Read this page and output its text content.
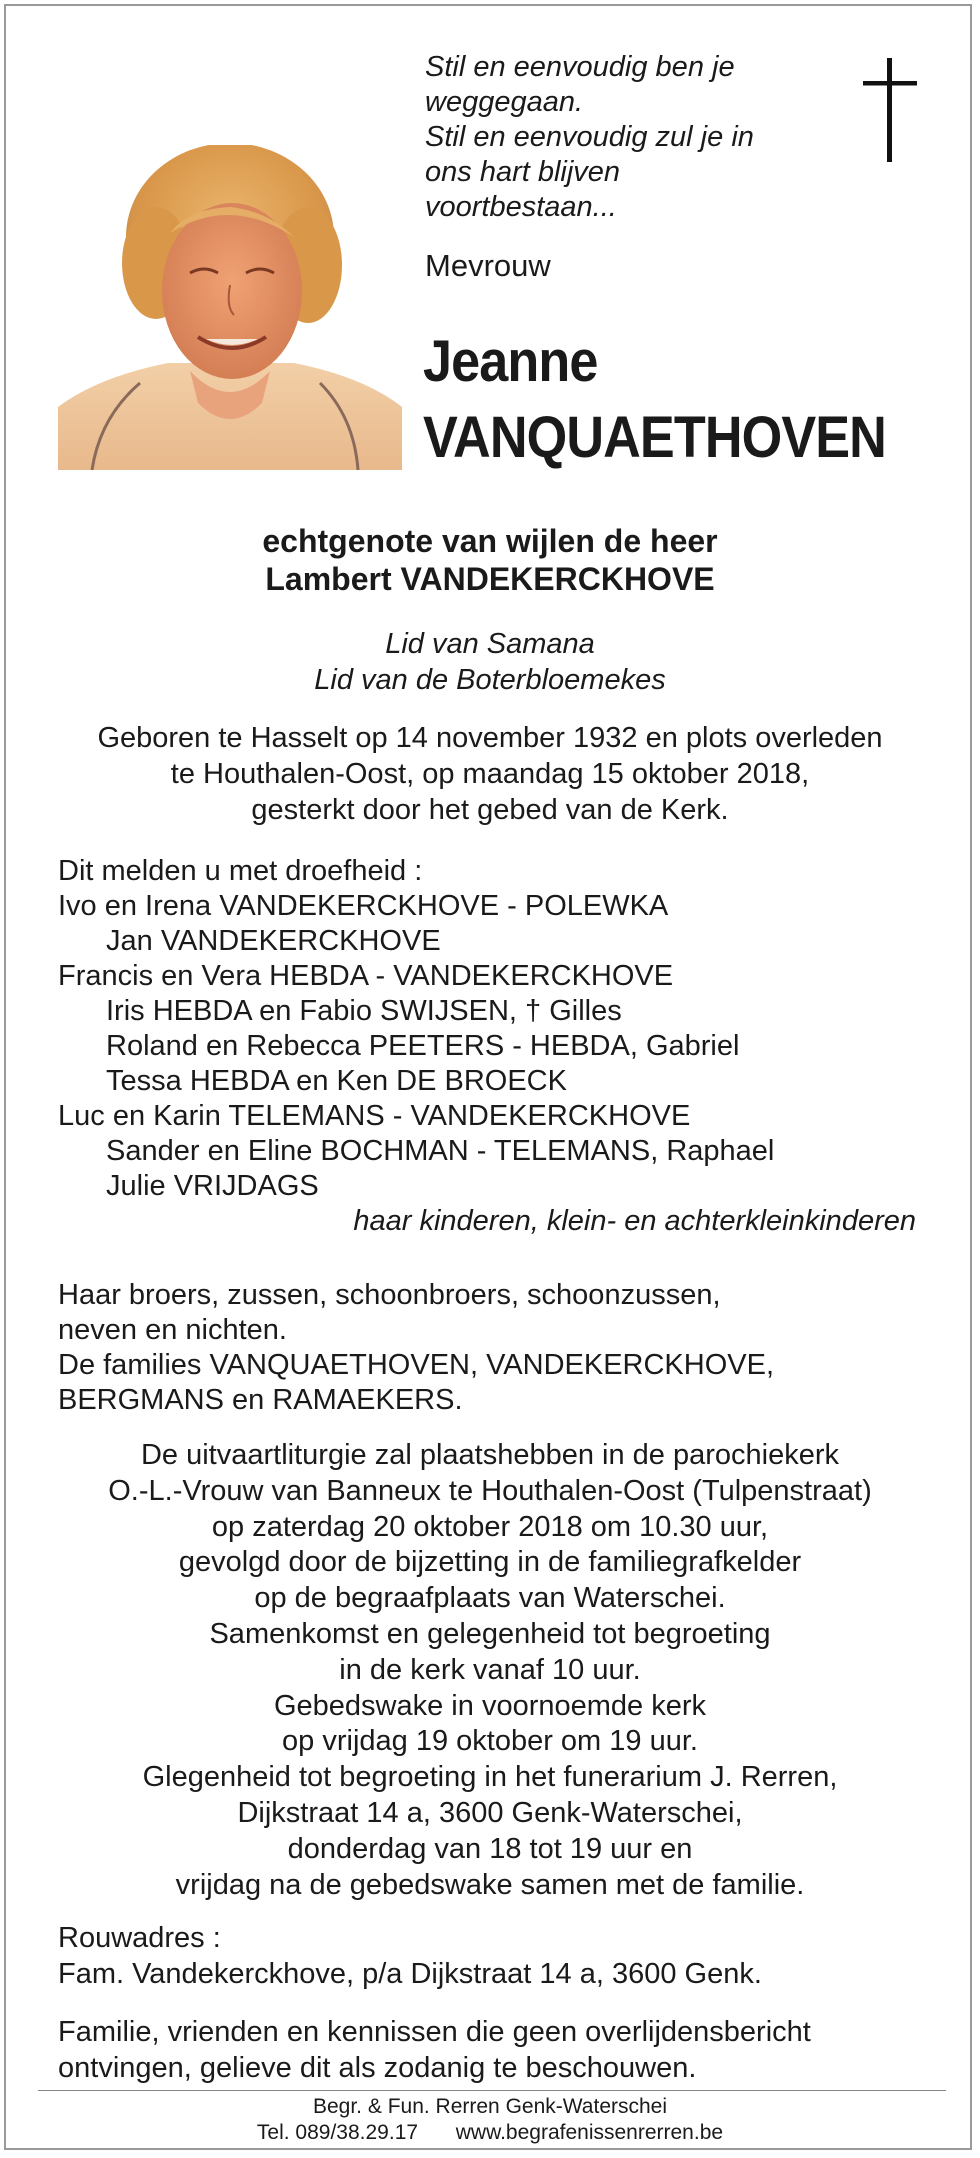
Stil en eenvoudig ben je
weggegaan.
Stil en eenvoudig zul je in
ons hart blijven
voortbestaan...
Mevrouw
Jeanne
VANQUAETHOVEN
echtgenote van wijlen de heer
Lambert VANDEKERCKHOVE
Lid van Samana
Lid van de Boterbloemekes
Geboren te Hasselt op 14 november 1932 en plots overleden
te Houthalen-Oost, op maandag 15 oktober 2018,
gesterkt door het gebed van de Kerk.
Dit melden u met droefheid :
Ivo en Irena VANDEKERCKHOVE - POLEWKA
Jan VANDEKERCKHOVE
Francis en Vera HEBDA - VANDEKERCKHOVE
Iris HEBDA en Fabio SWIJSEN, † Gilles
Roland en Rebecca PEETERS - HEBDA, Gabriel
Tessa HEBDA en Ken DE BROECK
Luc en Karin TELEMANS - VANDEKERCKHOVE
Sander en Eline BOCHMAN - TELEMANS, Raphael
Julie VRIJDAGS
haar kinderen, klein- en achterkleinkinderen
Haar broers, zussen, schoonbroers, schoonzussen,
neven en nichten.
De families VANQUAETHOVEN, VANDEKERCKHOVE,
BERGMANS en RAMAEKERS.
De uitvaartliturgie zal plaatshebben in de parochiekerk
O.-L.-Vrouw van Banneux te Houthalen-Oost (Tulpenstraat)
op zaterdag 20 oktober 2018 om 10.30 uur,
gevolgd door de bijzetting in de familiegrafkelder
op de begraafplaats van Waterschei.
Samenkomst en gelegenheid tot begroeting
in de kerk vanaf 10 uur.
Gebedswake in voornoemde kerk
op vrijdag 19 oktober om 19 uur.
Glegenheid tot begroeting in het funerarium J. Rerren,
Dijkstraat 14 a, 3600 Genk-Waterschei,
donderdag van 18 tot 19 uur en
vrijdag na de gebedswake samen met de familie.
Rouwadres :
Fam. Vandekerckhove, p/a Dijkstraat 14 a, 3600 Genk.
Familie, vrienden en kennissen die geen overlijdensbericht
ontvingen, gelieve dit als zodanig te beschouwen.
Begr. & Fun. Rerren Genk-Waterschei
Tel. 089/38.29.17 www.begrafenissenrerren.be
